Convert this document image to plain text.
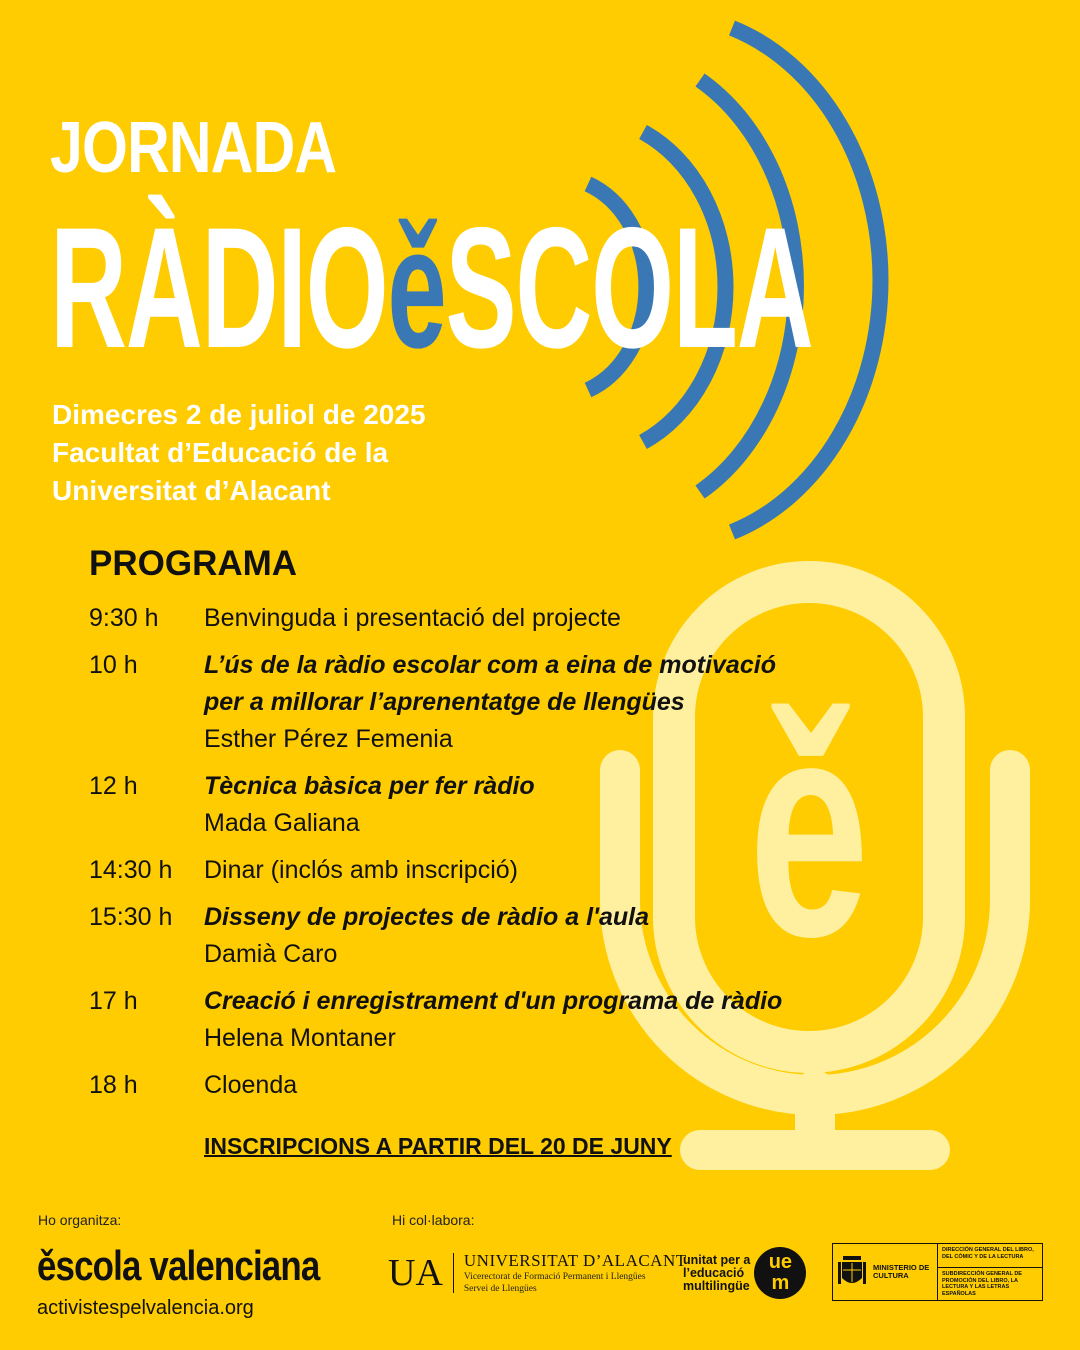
ě
JORNADA
RÀDIOěSCOLA
Dimecres 2 de juliol de 2025
Facultat d’Educació de la
Universitat d’Alacant
PROGRAMA
9:30 h	Benvinguda i presentació del projecte
10 h	L’ús de la ràdio escolar com a eina de motivació
per a millorar l’aprenentatge de llengües
Esther Pérez Femenia
12 h	Tècnica bàsica per fer ràdio
Mada Galiana
14:30 h	Dinar (inclós amb inscripció)
15:30 h	Disseny de projectes de ràdio a l'aula
Damià Caro
17 h	Creació i enregistrament d'un programa de ràdio
Helena Montaner
18 h	Cloenda
INSCRIPCIONS A PARTIR DEL 20 DE JUNY
Ho organitza:
ěscola valenciana
activistespelvalencia.org
Hi col·labora:
UA	UNIVERSITAT D’ALACANT
Vicerectorat de Formació Permanent i Llengües
Servei de Llengües
unitat per a
l’educació
multilingüe
ue
m
MINISTERIO DE CULTURA
DIRECCIÓN GENERAL DEL LIBRO, DEL CÓMIC Y DE LA LECTURA
SUBDIRECCIÓN GENERAL DE PROMOCIÓN DEL LIBRO, LA LECTURA Y LAS LETRAS ESPAÑOLAS
